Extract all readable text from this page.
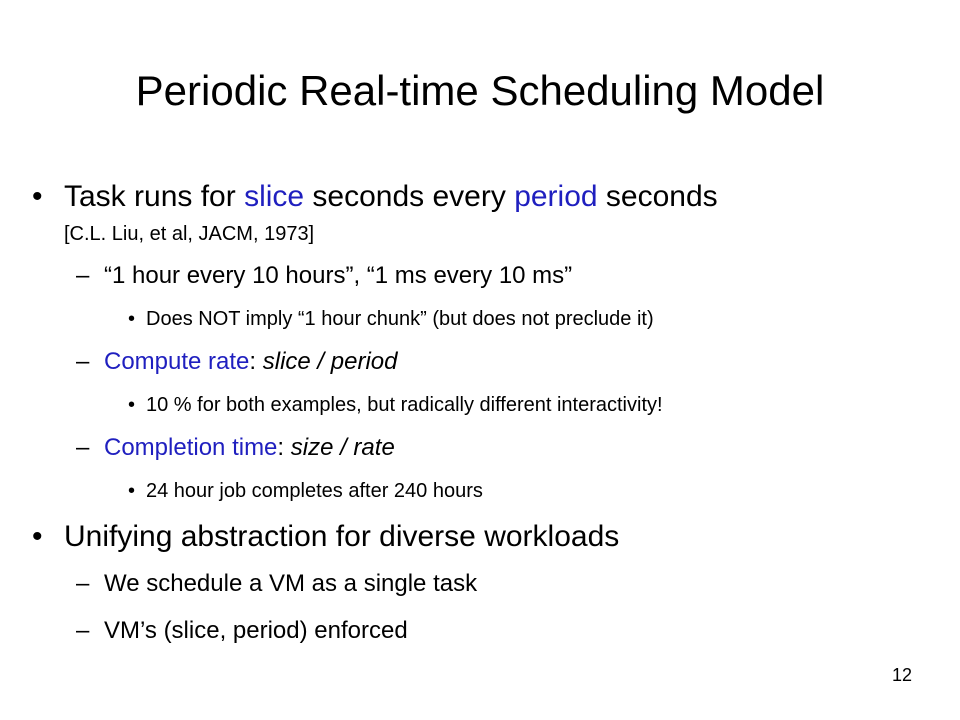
Periodic Real-time Scheduling Model
• Task runs for slice seconds every period seconds
[C.L. Liu, et al, JACM, 1973]
– “1 hour every 10 hours”, “1 ms every 10 ms”
• Does NOT imply “1 hour chunk” (but does not preclude it)
– Compute rate: slice / period
• 10 % for both examples, but radically different interactivity!
– Completion time: size / rate
• 24 hour job completes after 240 hours
• Unifying abstraction for diverse workloads
– We schedule a VM as a single task
– VM’s (slice, period) enforced
12
